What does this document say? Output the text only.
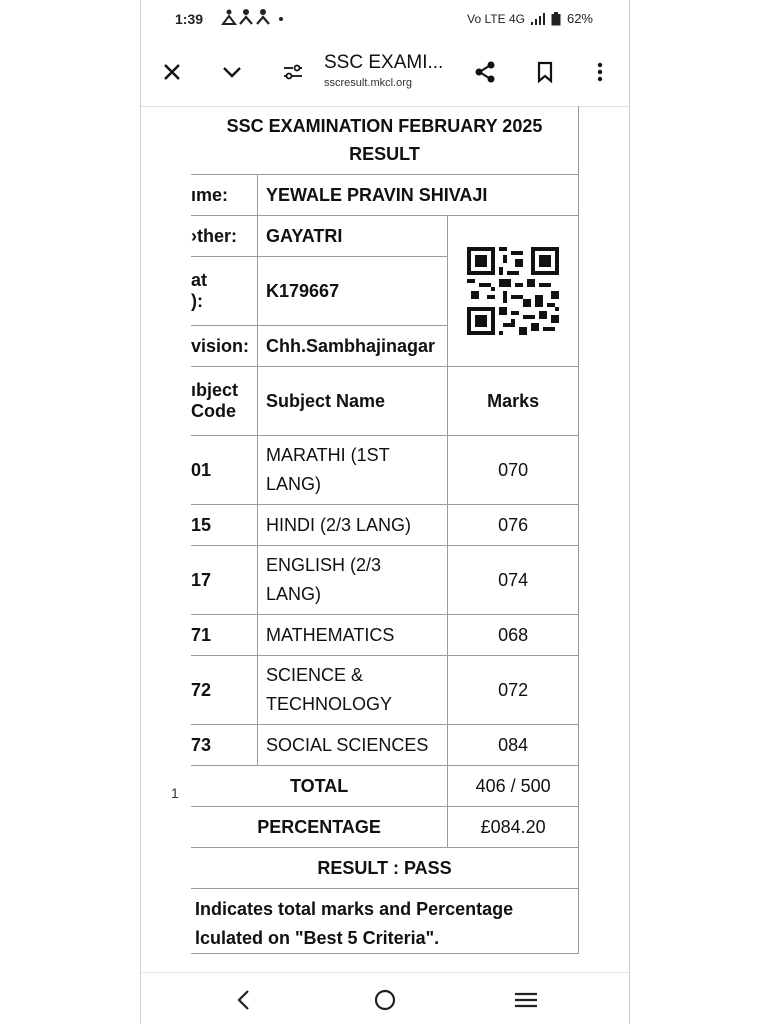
1:39	Vo LTE 4G	62%
SSC EXAMI...
sscresult.mkcl.org
SSC EXAMINATION FEBRUARY 2025
RESULT		

ıme:	YEWALE PRAVIN SHIVAJI	
›ther:	GAYATRI	

at
):	K179667	
vision:	Chh.Sambhajinagar	

ıbject
Code	Subject Name	Marks
01	MARATHI (1ST LANG)	070
15	HINDI (2/3 LANG)	076
17	ENGLISH (2/3 LANG)	074
71	MATHEMATICS	068
72	SCIENCE & TECHNOLOGY	072
73	SOCIAL SCIENCES	084
TOTAL		406 / 500
PERCENTAGE		£084.20
RESULT : PASS		

Indicates total marks and Percentage
lculated on "Best 5 Criteria".		
1
